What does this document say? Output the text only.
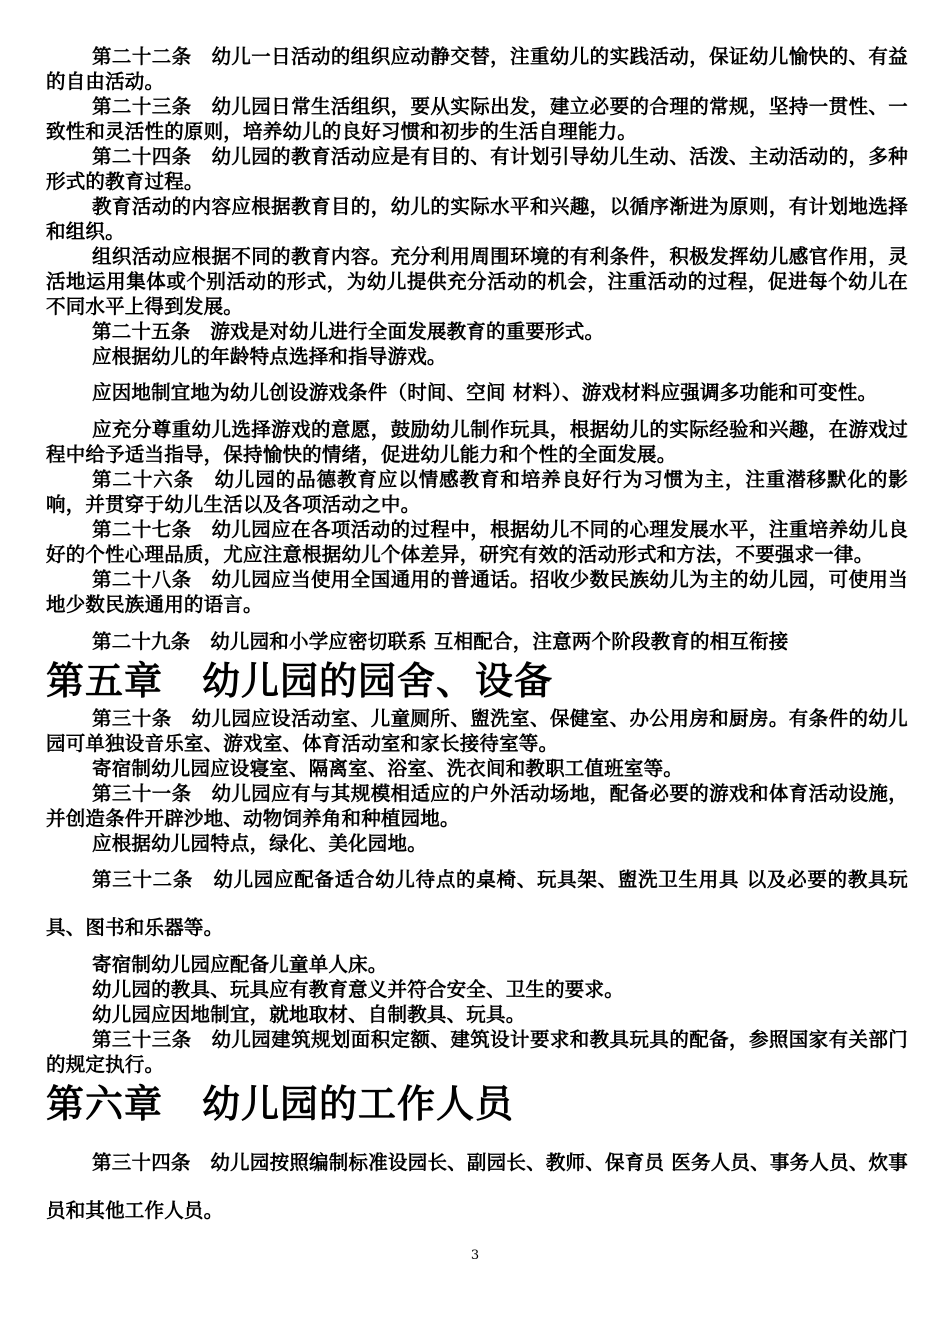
第二十二条　幼儿一日活动的组织应动静交替，注重幼儿的实践活动，保证幼儿愉快的、有益的自由活动。

第二十三条　幼儿园日常生活组织，要从实际出发，建立必要的合理的常规，坚持一贯性、一致性和灵活性的原则，培养幼儿的良好习惯和初步的生活自理能力。

第二十四条　幼儿园的教育活动应是有目的、有计划引导幼儿生动、活泼、主动活动的，多种形式的教育过程。

教育活动的内容应根据教育目的，幼儿的实际水平和兴趣，以循序渐进为原则，有计划地选择和组织。

组织活动应根据不同的教育内容。充分利用周围环境的有利条件，积极发挥幼儿感官作用，灵活地运用集体或个别活动的形式，为幼儿提供充分活动的机会，注重活动的过程，促进每个幼儿在不同水平上得到发展。

第二十五条　游戏是对幼儿进行全面发展教育的重要形式。

应根据幼儿的年龄特点选择和指导游戏。

应因地制宜地为幼儿创设游戏条件（时间、空间 材料）、游戏材料应强调多功能和可变性。

应充分尊重幼儿选择游戏的意愿，鼓励幼儿制作玩具，根据幼儿的实际经验和兴趣，在游戏过程中给予适当指导，保持愉快的情绪，促进幼儿能力和个性的全面发展。

第二十六条　幼儿园的品德教育应以情感教育和培养良好行为习惯为主，注重潜移默化的影响，并贯穿于幼儿生活以及各项活动之中。

第二十七条　幼儿园应在各项活动的过程中，根据幼儿不同的心理发展水平，注重培养幼儿良好的个性心理品质，尤应注意根据幼儿个体差异，研究有效的活动形式和方法，不要强求一律。

第二十八条　幼儿园应当使用全国通用的普通话。招收少数民族幼儿为主的幼儿园，可使用当地少数民族通用的语言。

第二十九条　幼儿园和小学应密切联系 互相配合，注意两个阶段教育的相互衔接

第五章　幼儿园的园舍、设备

第三十条　幼儿园应设活动室、儿童厕所、盥洗室、保健室、办公用房和厨房。有条件的幼儿园可单独设音乐室、游戏室、体育活动室和家长接待室等。

寄宿制幼儿园应设寝室、隔离室、浴室、洗衣间和教职工值班室等。

第三十一条　幼儿园应有与其规模相适应的户外活动场地，配备必要的游戏和体育活动设施，并创造条件开辟沙地、动物饲养角和种植园地。

应根据幼儿园特点，绿化、美化园地。

第三十二条　幼儿园应配备适合幼儿待点的桌椅、玩具架、盥洗卫生用具 以及必要的教具玩具、图书和乐器等。

寄宿制幼儿园应配备儿童单人床。

幼儿园的教具、玩具应有教育意义并符合安全、卫生的要求。

幼儿园应因地制宜，就地取材、自制教具、玩具。

第三十三条　幼儿园建筑规划面积定额、建筑设计要求和教具玩具的配备，参照国家有关部门的规定执行。

第六章　幼儿园的工作人员

第三十四条　幼儿园按照编制标准设园长、副园长、教师、保育员 医务人员、事务人员、炊事员和其他工作人员。

3
